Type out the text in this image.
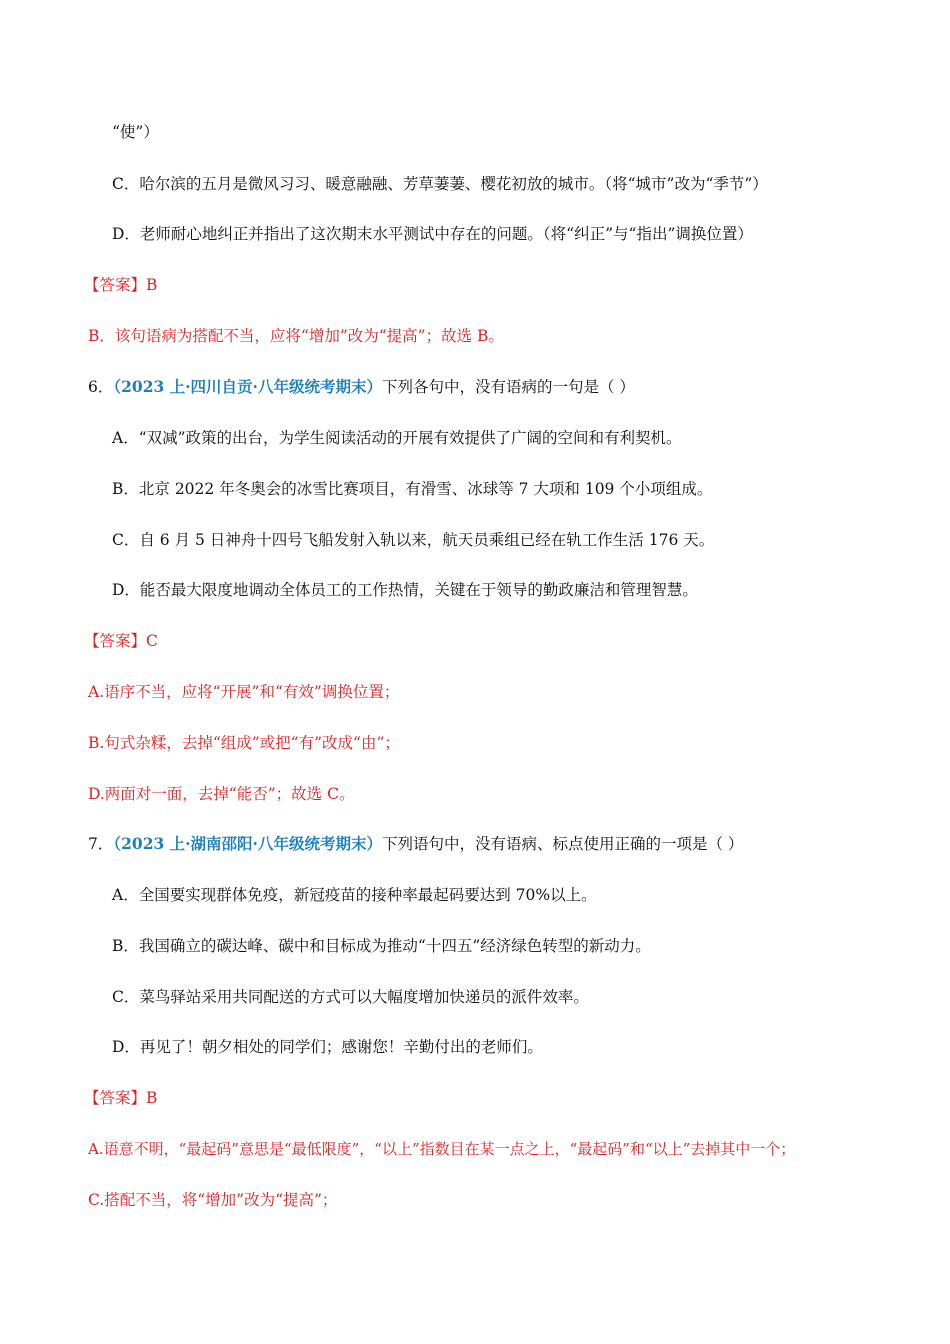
“使”）
C．哈尔滨的五月是微风习习、暖意融融、芳草萋萋、樱花初放的城市。（将“城市”改为“季节”）
D．老师耐心地纠正并指出了这次期末水平测试中存在的问题。（将“纠正”与“指出”调换位置）
【答案】B
B．该句语病为搭配不当，应将“增加”改为“提高”；故选 B。
6．（2023 上·四川自贡·八年级统考期末）下列各句中，没有语病的一句是（ ）
A．“双减”政策的出台，为学生阅读活动的开展有效提供了广阔的空间和有利契机。
B．北京 2022 年冬奥会的冰雪比赛项目，有滑雪、冰球等 7 大项和 109 个小项组成。
C．自 6 月 5 日神舟十四号飞船发射入轨以来，航天员乘组已经在轨工作生活 176 天。
D．能否最大限度地调动全体员工的工作热情，关键在于领导的勤政廉洁和管理智慧。
【答案】C
A.语序不当，应将“开展”和“有效”调换位置；
B.句式杂糅，去掉“组成”或把“有”改成“由”；
D.两面对一面，去掉“能否”；故选 C。
7．（2023 上·湖南邵阳·八年级统考期末）下列语句中，没有语病、标点使用正确的一项是（ ）
A．全国要实现群体免疫，新冠疫苗的接种率最起码要达到 70%以上。
B．我国确立的碳达峰、碳中和目标成为推动“十四五”经济绿色转型的新动力。
C．菜鸟驿站采用共同配送的方式可以大幅度增加快递员的派件效率。
D．再见了！朝夕相处的同学们；感谢您！辛勤付出的老师们。
【答案】B
A.语意不明，“最起码”意思是“最低限度”，“以上”指数目在某一点之上，“最起码”和“以上”去掉其中一个；
C.搭配不当，将“增加”改为“提高”；
